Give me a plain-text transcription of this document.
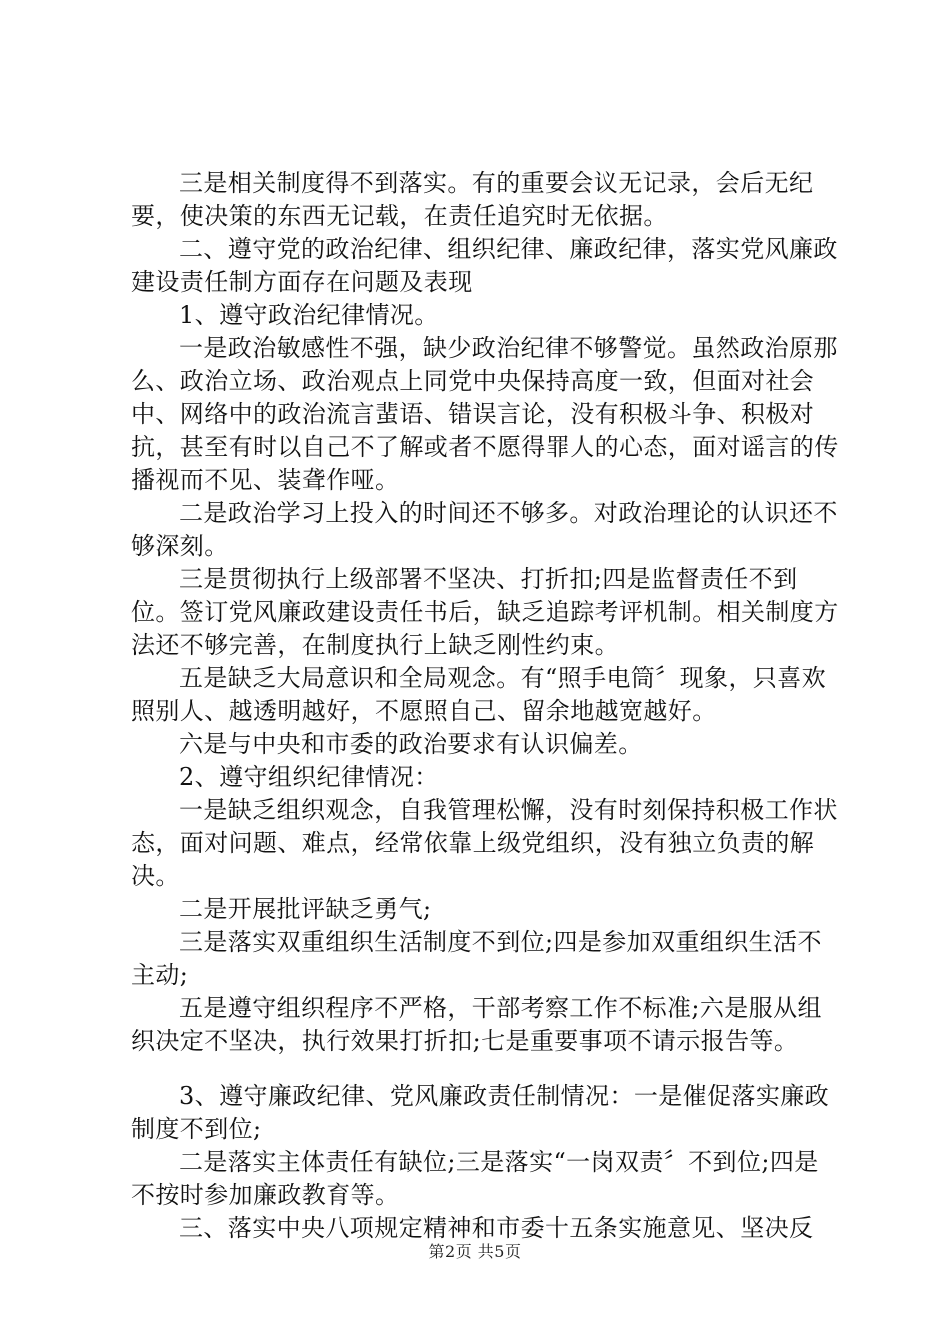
三是相关制度得不到落实。有的重要会议无记录，会后无纪要，使决策的东西无记载，在责任追究时无依据。

二、遵守党的政治纪律、组织纪律、廉政纪律，落实党风廉政建设责任制方面存在问题及表现

1、遵守政治纪律情况。

一是政治敏感性不强，缺少政治纪律不够警觉。虽然政治原那么、政治立场、政治观点上同党中央保持高度一致，但面对社会中、网络中的政治流言蜚语、错误言论，没有积极斗争、积极对抗，甚至有时以自己不了解或者不愿得罪人的心态，面对谣言的传播视而不见、装聋作哑。

二是政治学习上投入的时间还不够多。对政治理论的认识还不够深刻。

三是贯彻执行上级部署不坚决、打折扣;四是监督责任不到位。签订党风廉政建设责任书后，缺乏追踪考评机制。相关制度方法还不够完善，在制度执行上缺乏刚性约束。

五是缺乏大局意识和全局观念。有“照手电筒〞现象，只喜欢照别人、越透明越好，不愿照自己、留余地越宽越好。

六是与中央和市委的政治要求有认识偏差。

2、遵守组织纪律情况：

一是缺乏组织观念，自我管理松懈，没有时刻保持积极工作状态，面对问题、难点，经常依靠上级党组织，没有独立负责的解决。

二是开展批评缺乏勇气;

三是落实双重组织生活制度不到位;四是参加双重组织生活不主动;

五是遵守组织程序不严格，干部考察工作不标准;六是服从组织决定不坚决，执行效果打折扣;七是重要事项不请示报告等。

3、遵守廉政纪律、党风廉政责任制情况：一是催促落实廉政制度不到位;

二是落实主体责任有缺位;三是落实“一岗双责〞不到位;四是不按时参加廉政教育等。

三、落实中央八项规定精神和市委十五条实施意见、坚决反

第2页 共5页
